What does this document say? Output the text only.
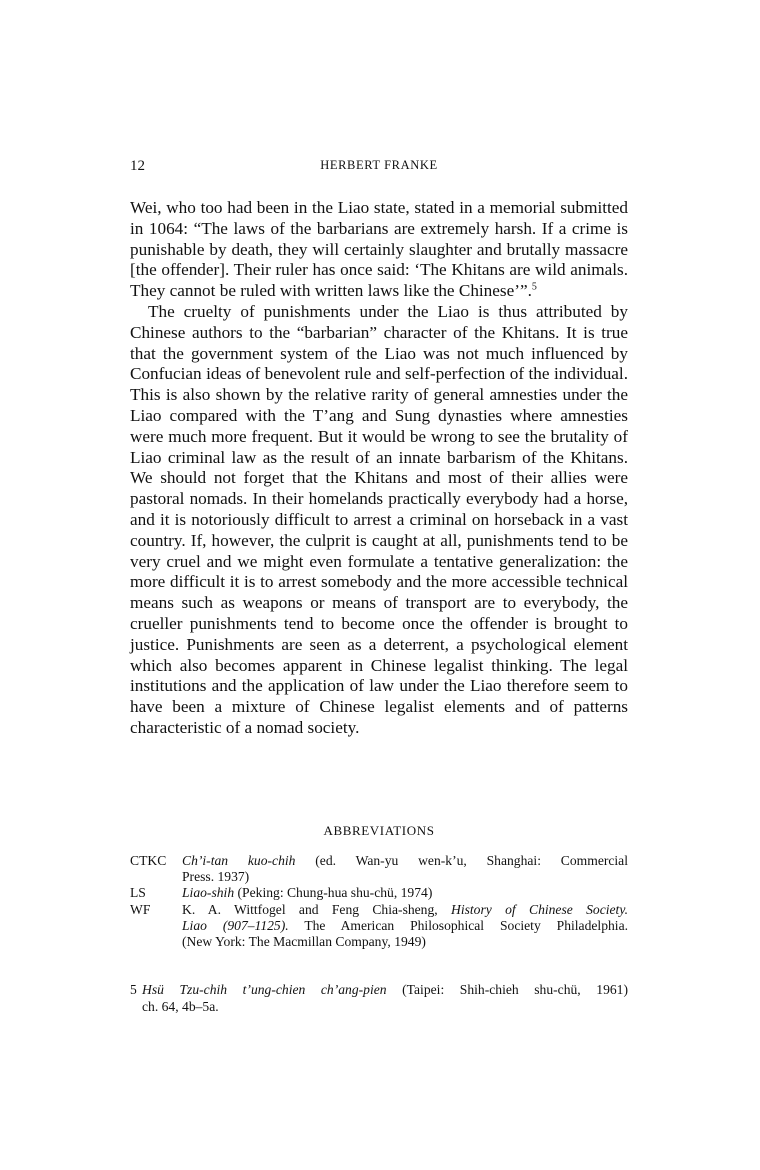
12	HERBERT FRANKE

Wei, who too had been in the Liao state, stated in a memorial submitted in 1064: “The laws of the barbarians are extremely harsh. If a crime is punishable by death, they will certainly slaughter and brutally massacre [the offender]. Their ruler has once said: ‘The Khitans are wild animals. They cannot be ruled with written laws like the Chinese’”.$^5$

The cruelty of punishments under the Liao is thus attributed by Chinese authors to the “barbarian” character of the Khitans. It is true that the government system of the Liao was not much influenced by Confucian ideas of benevolent rule and self-perfection of the individual. This is also shown by the relative rarity of general amnesties under the Liao compared with the T’ang and Sung dynasties where amnesties were much more frequent. But it would be wrong to see the brutality of Liao criminal law as the result of an innate barbarism of the Khitans. We should not forget that the Khitans and most of their allies were pastoral nomads. In their homelands practically everybody had a horse, and it is notoriously difficult to arrest a criminal on horseback in a vast country. If, however, the culprit is caught at all, punishments tend to be very cruel and we might even formulate a tentative generalization: the more difficult it is to arrest somebody and the more accessible technical means such as weapons or means of transport are to everybody, the crueller punishments tend to become once the offender is brought to justice. Punishments are seen as a deterrent, a psychological element which also becomes apparent in Chinese legalist thinking. The legal institutions and the application of law under the Liao therefore seem to have been a mixture of Chinese legalist elements and of patterns characteristic of a nomad society.

ABBREVIATIONS
CTKC	Ch’i-tan kuo-chih (ed. Wan-yu wen-k’u, Shanghai: Commercial
Press. 1937)
LS	Liao-shih (Peking: Chung-hua shu-chü, 1974)
WF	K. A. Wittfogel and Feng Chia-sheng, History of Chinese Society.
Liao (907–1125). The American Philosophical Society Philadelphia.
(New York: The Macmillan Company, 1949)
5 Hsü Tzu-chih t’ung-chien ch’ang-pien (Taipei: Shih-chieh shu-chü, 1961)
ch. 64, 4b–5a.
